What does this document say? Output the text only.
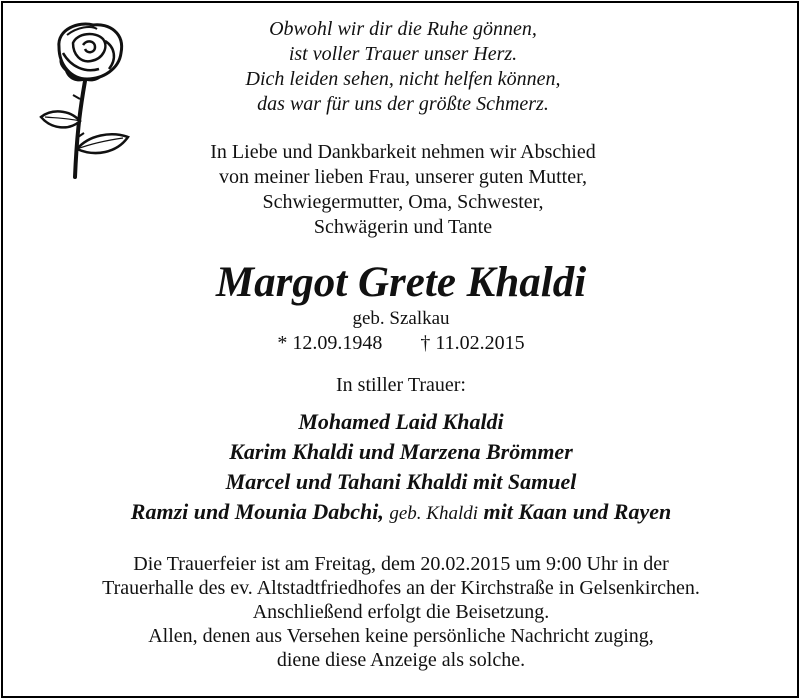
Obwohl wir dir die Ruhe gönnen,
ist voller Trauer unser Herz.
Dich leiden sehen, nicht helfen können,
das war für uns der größte Schmerz.
In Liebe und Dankbarkeit nehmen wir Abschied
von meiner lieben Frau, unserer guten Mutter,
Schwiegermutter, Oma, Schwester,
Schwägerin und Tante
Margot Grete Khaldi
geb. Szalkau
* 12.09.1948 † 11.02.2015
In stiller Trauer:
Mohamed Laid Khaldi
Karim Khaldi und Marzena Brömmer
Marcel und Tahani Khaldi mit Samuel
Ramzi und Mounia Dabchi, geb. Khaldi mit Kaan und Rayen
Die Trauerfeier ist am Freitag, dem 20.02.2015 um 9:00 Uhr in der
Trauerhalle des ev. Altstadtfriedhofes an der Kirchstraße in Gelsenkirchen.
Anschließend erfolgt die Beisetzung.
Allen, denen aus Versehen keine persönliche Nachricht zuging,
diene diese Anzeige als solche.
